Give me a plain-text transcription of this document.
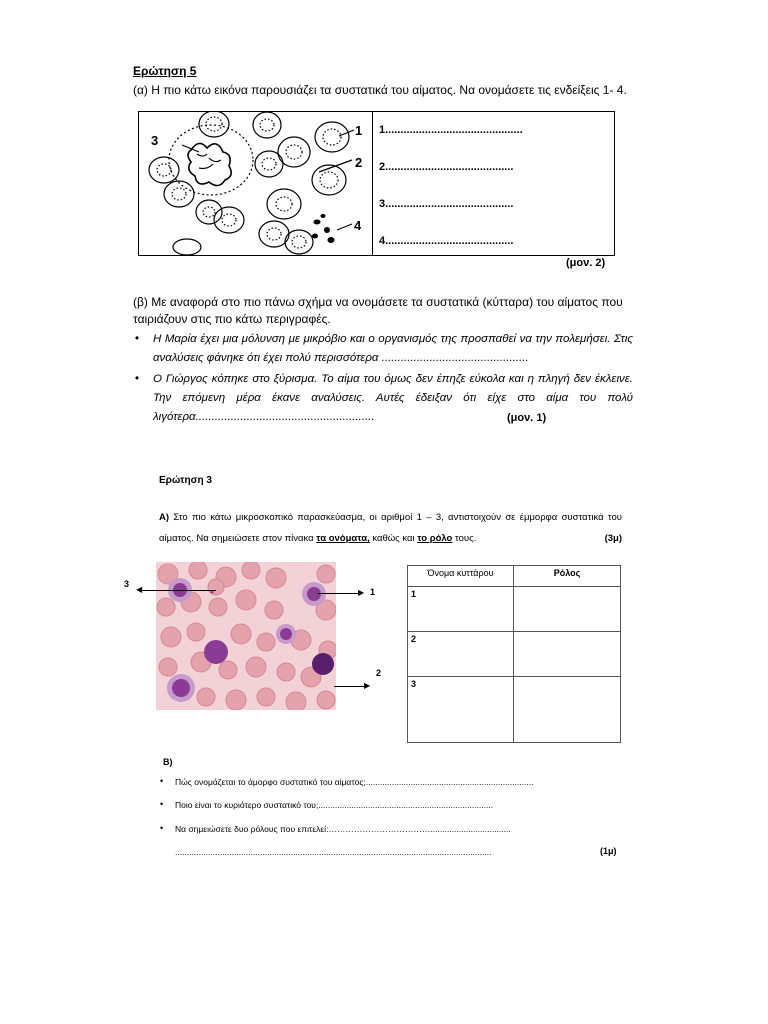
Ερώτηση 5
(α) Η πιο κάτω εικόνα παρουσιάζει τα συστατικά του αίματος. Να ονομάσετε τις ενδείξεις 1- 4.
3
1
2
4
1.............................................
2..........................................
3..........................................
4..........................................
(μον. 2)
(β) Με αναφορά στο πιο πάνω σχήμα να ονομάσετε τα συστατικά (κύτταρα) του αίματος που ταιριάζουν στις πιο κάτω περιγραφές.
• Η Μαρία έχει μια μόλυνση με μικρόβιο και ο οργανισμός της προσπαθεί να την πολεμήσει. Στις αναλύσεις φάνηκε ότι έχει πολύ περισσότερα ..............................................
• Ο Γιώργος κόπηκε στο ξύρισμα. Το αίμα του όμως δεν έπηζε εύκολα και η πληγή δεν έκλεινε. Την επόμενη μέρα έκανε αναλύσεις. Αυτές έδειξαν ότι είχε στο αίμα του πολύ λιγότερα........................................................	(μον. 1)
Ερώτηση 3
Α) Στο πιο κάτω μικροσκοπικό παρασκεύασμα, οι αριθμοί 1 – 3, αντιστοιχούν σε έμμορφα συστατικά του αίματος. Να σημειώσετε στον πίνακα τα ονόματα, καθώς και το ρόλο τους.	(3μ)
3
◀	▶ 1
▶
2
Όνομα κυττάρου	Ρόλος
1	
2	
3	
Β)
• Πώς ονομάζεται το άμορφο συστατικό του αίματος;.......................................................................
• Ποιο είναι το κυριότερο συστατικό του;..........................................................................
• Να σημειώσετε δυο ρόλους που επιτελεί:………………………………..................................
......................................................................................................................................	(1μ)
